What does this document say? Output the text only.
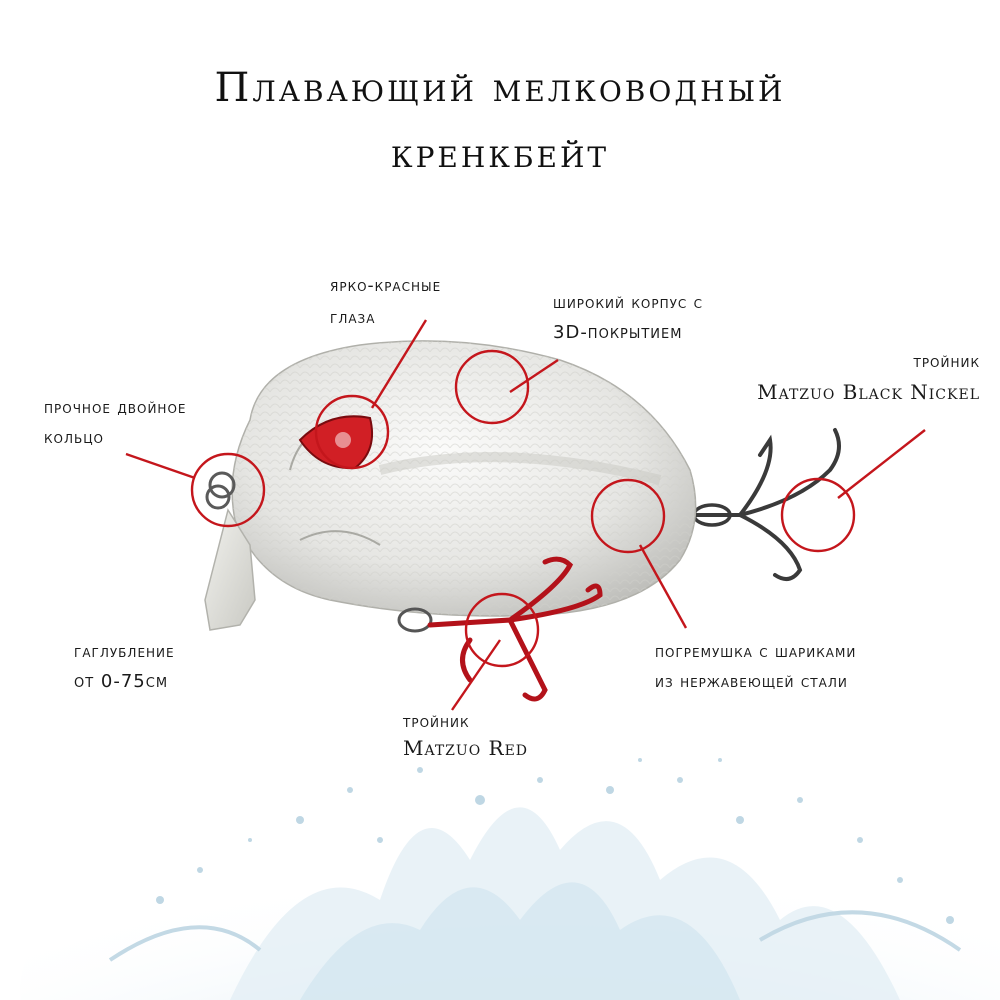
Плавающий мелководный
кренкбейт
ярко-красные
глаза
широкий корпус с
3D-покрытием
тройник
Matzuo Black Nickel
прочное двойное
кольцо
гаглубление
от 0-75см
погремушка с шариками
из нержавеющей стали
тройник
Matzuo Red
